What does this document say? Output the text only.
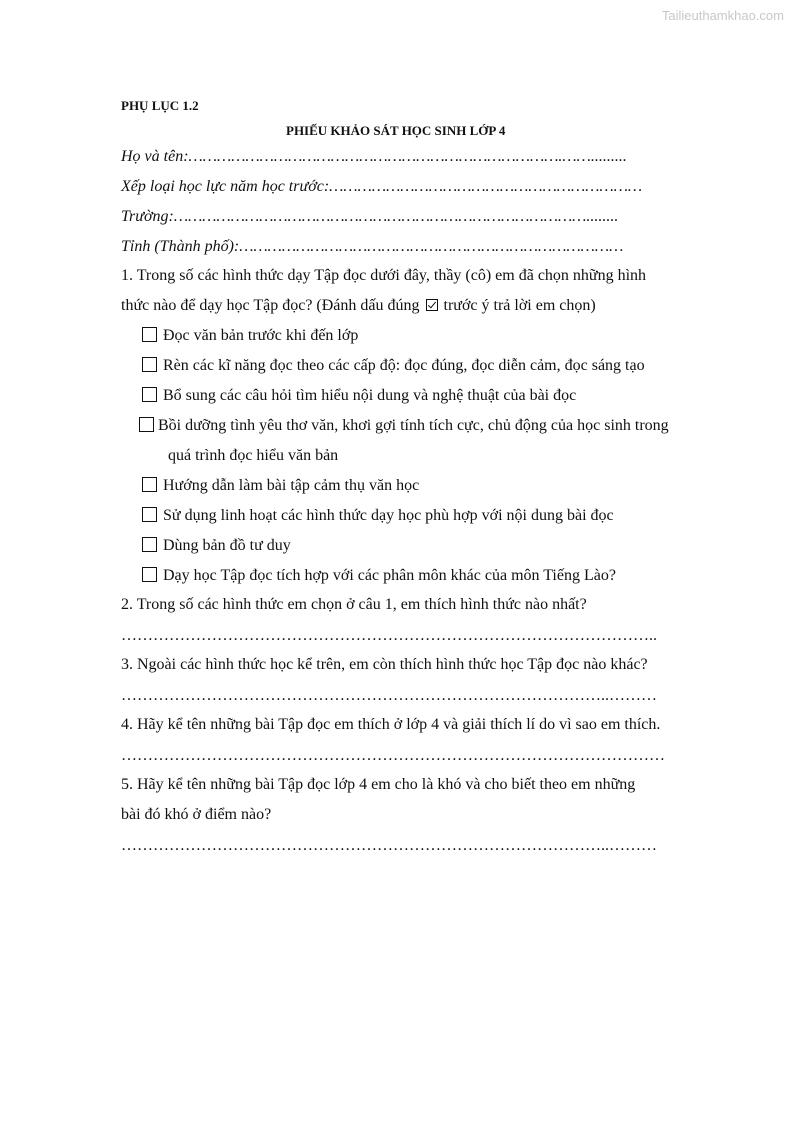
Tailieuthamkhao.com
PHỤ LỤC 1.2
PHIẾU KHẢO SÁT HỌC SINH LỚP 4
Họ và tên:…………………………………………………………………….…….........
Xếp loại học lực năm học trước:…………………………………………………………
Trường:……………………………………………………………………………........
Tỉnh (Thành phố):………………………………………………………………………
1. Trong số các hình thức dạy Tập đọc dưới đây, thầy (cô) em đã chọn những hình
thức nào để dạy học Tập đọc? (Đánh dấu đúng trước ý trả lời em chọn)
Đọc văn bản trước khi đến lớp
Rèn các kĩ năng đọc theo các cấp độ: đọc đúng, đọc diễn cảm, đọc sáng tạo
Bổ sung các câu hỏi tìm hiểu nội dung và nghệ thuật của bài đọc
Bồi dưỡng tình yêu thơ văn, khơi gợi tính tích cực, chủ động của học sinh trong
quá trình đọc hiểu văn bản
Hướng dẫn làm bài tập cảm thụ văn học
Sử dụng linh hoạt các hình thức dạy học phù hợp với nội dung bài đọc
Dùng bản đồ tư duy
Dạy học Tập đọc tích hợp với các phân môn khác của môn Tiếng Lào?
2. Trong số các hình thức em chọn ở câu 1, em thích hình thức nào nhất?
………………………………………………………………………………………..
3. Ngoài các hình thức học kể trên, em còn thích hình thức học Tập đọc nào khác?
………………………………………………………………………………..………
4. Hãy kể tên những bài Tập đọc em thích ở lớp 4 và giải thích lí do vì sao em thích.
…………………………………………………………………………………………
5. Hãy kể tên những bài Tập đọc lớp 4 em cho là khó và cho biết theo em những
bài đó khó ở điểm nào?
………………………………………………………………………………..………
